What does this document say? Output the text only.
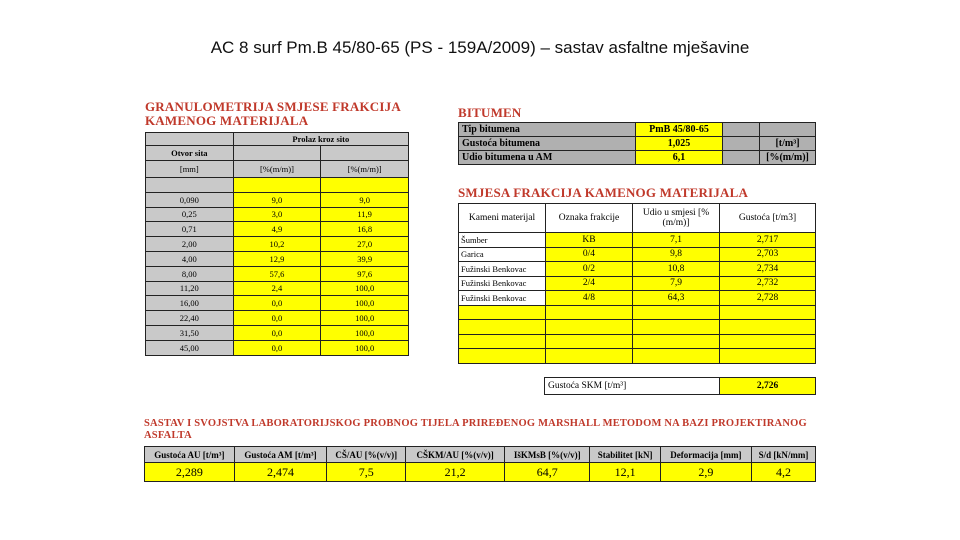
AC 8 surf Pm.B 45/80-65 (PS - 159A/2009) – sastav asfaltne mješavine
GRANULOMETRIJA SMJESE FRAKCIJA
KAMENOG MATERIJALA
	Prolaz kroz sito	
Otvor sita		
[mm]	[%(m/m)]	[%(m/m)]

0,090	9,0	9,0
0,25	3,0	11,9
0,71	4,9	16,8
2,00	10,2	27,0
4,00	12,9	39,9
8,00	57,6	97,6
11,20	2,4	100,0
16,00	0,0	100,0
22,40	0,0	100,0
31,50	0,0	100,0
45,00	0,0	100,0
BITUMEN
Tip bitumena	PmB 45/80-65		
Gustoća bitumena	1,025		[t/m³]
Udio bitumena u AM	6,1		[%(m/m)]
SMJESA FRAKCIJA KAMENOG MATERIJALA
Kameni materijal	Oznaka frakcije	Udio u smjesi [%(m/m)]	Gustoća [t/m3]
Šumber	KB	7,1	2,717
Garica	0/4	9,8	2,703
Fužinski Benkovac	0/2	10,8	2,734
Fužinski Benkovac	2/4	7,9	2,732
Fužinski Benkovac	4/8	64,3	2,728

Gustoća SKM [t/m³]	2,726
SASTAV I SVOJSTVA LABORATORIJSKOG PROBNOG TIJELA PRIREĐENOG MARSHALL METODOM NA BAZI PROJEKTIRANOG ASFALTA
Gustoća AU [t/m³]	Gustoća AM [t/m³]	CŠ/AU [%(v/v)]	CŠKM/AU [%(v/v)]	IšKMsB [%(v/v)]	Stabilitet [kN]	Deformacija [mm]	S/d [kN/mm]
2,289	2,474	7,5	21,2	64,7	12,1	2,9	4,2
